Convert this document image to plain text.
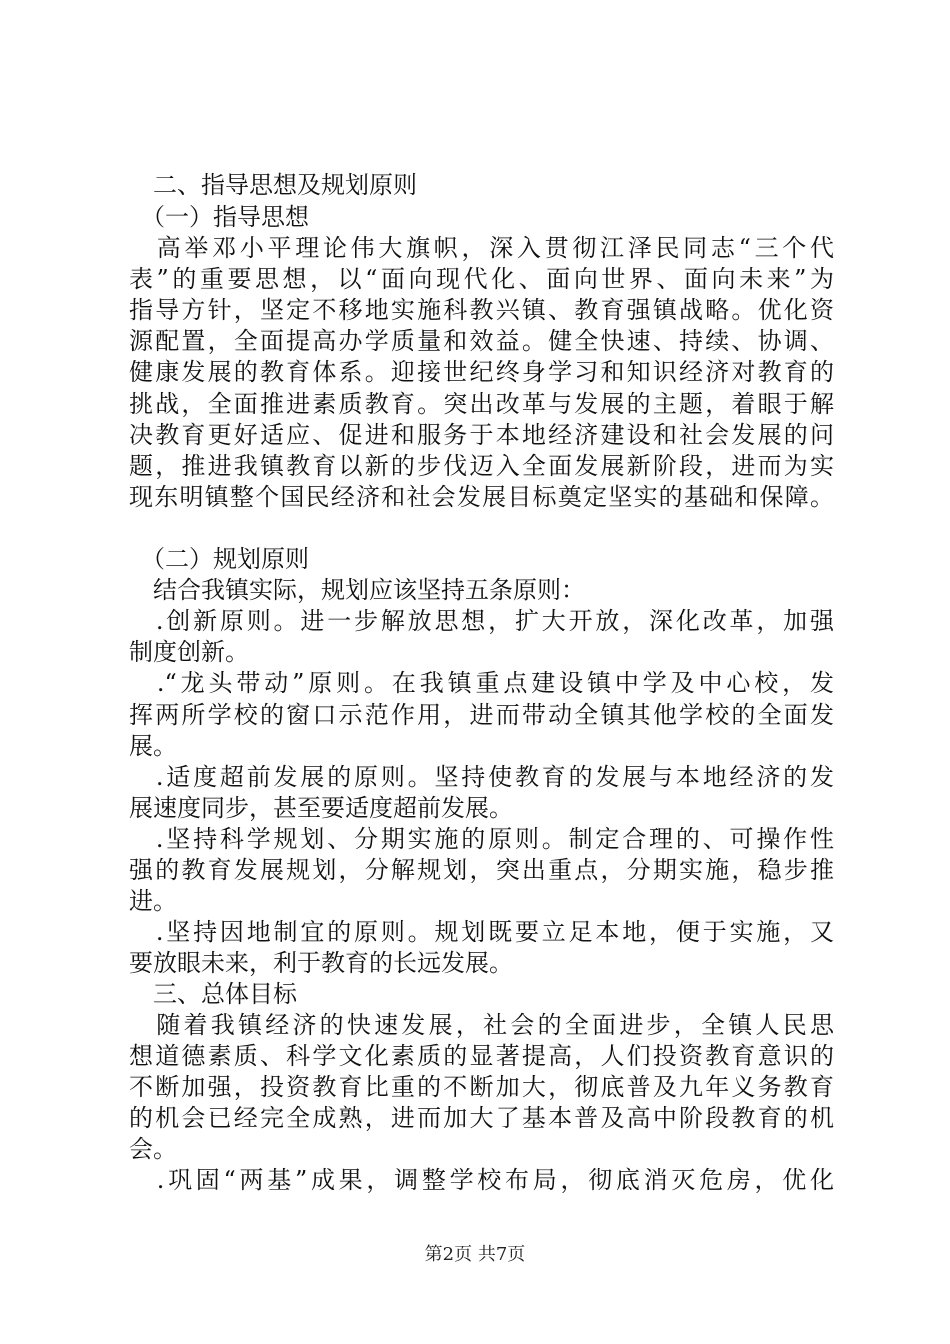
　二、指导思想及规划原则
　（一）指导思想
　高举邓小平理论伟大旗帜，深入贯彻江泽民同志“三个代
表”的重要思想，以“面向现代化、面向世界、面向未来”为
指导方针，坚定不移地实施科教兴镇、教育强镇战略。优化资
源配置，全面提高办学质量和效益。健全快速、持续、协调、
健康发展的教育体系。迎接世纪终身学习和知识经济对教育的
挑战，全面推进素质教育。突出改革与发展的主题，着眼于解
决教育更好适应、促进和服务于本地经济建设和社会发展的问
题，推进我镇教育以新的步伐迈入全面发展新阶段，进而为实
现东明镇整个国民经济和社会发展目标奠定坚实的基础和保障。
　（二）规划原则
　结合我镇实际，规划应该坚持五条原则：
　.创新原则。进一步解放思想，扩大开放，深化改革，加强
制度创新。
　.“龙头带动”原则。在我镇重点建设镇中学及中心校，发
挥两所学校的窗口示范作用，进而带动全镇其他学校的全面发
展。
　.适度超前发展的原则。坚持使教育的发展与本地经济的发
展速度同步，甚至要适度超前发展。
　.坚持科学规划、分期实施的原则。制定合理的、可操作性
强的教育发展规划，分解规划，突出重点，分期实施，稳步推
进。
　.坚持因地制宜的原则。规划既要立足本地，便于实施，又
要放眼未来，利于教育的长远发展。
　三、总体目标
　随着我镇经济的快速发展，社会的全面进步，全镇人民思
想道德素质、科学文化素质的显著提高，人们投资教育意识的
不断加强，投资教育比重的不断加大，彻底普及九年义务教育
的机会已经完全成熟，进而加大了基本普及高中阶段教育的机
会。
　.巩固“两基”成果，调整学校布局，彻底消灭危房，优化
第2页 共7页
